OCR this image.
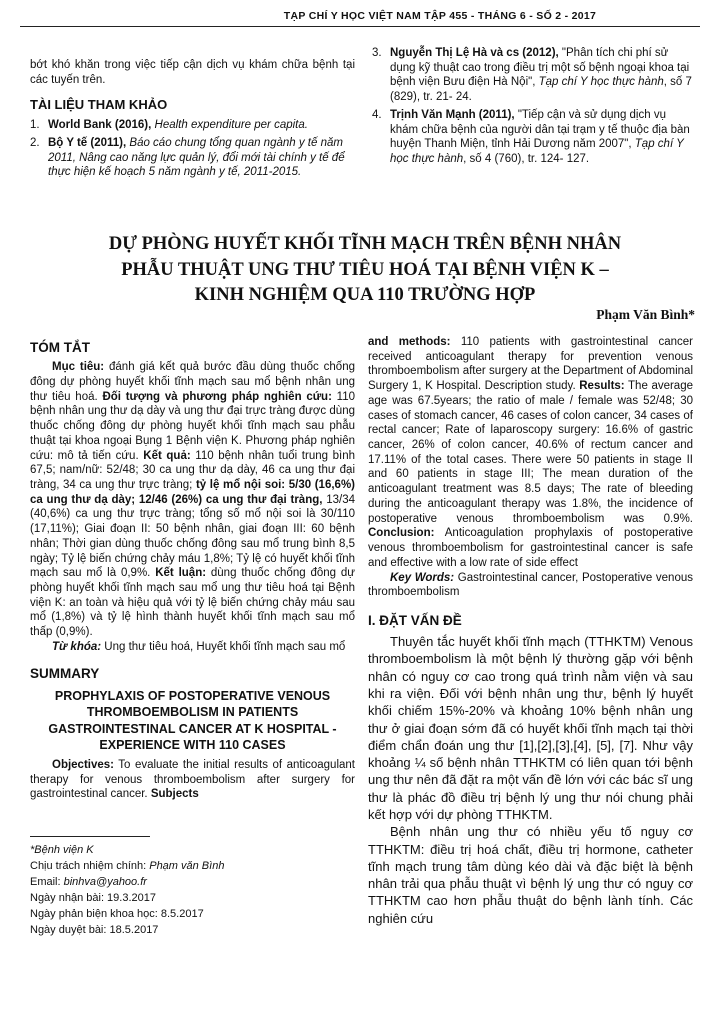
TẠP CHÍ Y HỌC VIỆT NAM TẬP 455 - THÁNG 6 - SỐ 2 - 2017

bớt khó khăn trong việc tiếp cận dịch vụ khám chữa bệnh tại các tuyến trên.

TÀI LIỆU THAM KHẢO
1. World Bank (2016), Health expenditure per capita.
2. Bộ Y tế (2011), Báo cáo chung tổng quan ngành y tế năm 2011, Nâng cao năng lực quản lý, đổi mới tài chính y tế để thực hiện kế hoạch 5 năm ngành y tế, 2011-2015.
3. Nguyễn Thị Lệ Hà và cs (2012), "Phân tích chi phí sử dụng kỹ thuật cao trong điều trị một số bệnh ngoại khoa tại bệnh viện Bưu điện Hà Nội", Tạp chí Y học thực hành, số 7 (829), tr. 21- 24.
4. Trịnh Văn Mạnh (2011), "Tiếp cận và sử dụng dịch vụ khám chữa bệnh của người dân tại trạm y tế thuộc địa bàn huyện Thanh Miện, tỉnh Hải Dương năm 2007", Tạp chí Y học thực hành, số 4 (760), tr. 124- 127.
DỰ PHÒNG HUYẾT KHỐI TĨNH MẠCH TRÊN BỆNH NHÂN
PHẪU THUẬT UNG THƯ TIÊU HOÁ TẠI BỆNH VIỆN K –
KINH NGHIỆM QUA 110 TRƯỜNG HỢP
Phạm Văn Bình*
TÓM TẮT

Mục tiêu: đánh giá kết quả bước đầu dùng thuốc chống đông dự phòng huyết khối tĩnh mạch sau mổ bệnh nhân ung thư tiêu hoá. Đối tượng và phương pháp nghiên cứu: 110 bệnh nhân ung thư dạ dày và ung thư đại trực tràng được dùng thuốc chống đông dự phòng huyết khối tĩnh mạch sau phẫu thuật tại khoa ngoại Bụng 1 Bệnh viện K. Phương pháp nghiên cứu: mô tả tiến cứu. Kết quả: 110 bệnh nhân tuổi trung bình 67,5; nam/nữ: 52/48; 30 ca ung thư dạ dày, 46 ca ung thư đại tràng, 34 ca ung thư trực tràng; tỷ lệ mổ nội soi: 5/30 (16,6%) ca ung thư dạ dày; 12/46 (26%) ca ung thư đại tràng, 13/34 (40,6%) ca ung thư trực tràng; tổng số mổ nội soi là 30/110 (17,11%); Giai đoạn II: 50 bệnh nhân, giai đoạn III: 60 bệnh nhân; Thời gian dùng thuốc chống đông sau mổ trung bình 8,5 ngày; Tỷ lệ biến chứng chảy máu 1,8%; Tỷ lệ có huyết khối tĩnh mạch sau mổ là 0,9%. Kết luận: dùng thuốc chống đông dự phòng huyết khối tĩnh mạch sau mổ ung thư tiêu hoá tại Bệnh viện K: an toàn và hiệu quả với tỷ lệ biến chứng chảy máu sau mổ (1,8%) và tỷ lệ hình thành huyết khối tĩnh mạch sau mổ thấp (0,9%).

Từ khóa: Ung thư tiêu hoá, Huyết khối tĩnh mạch sau mổ

SUMMARY
PROPHYLAXIS OF POSTOPERATIVE VENOUS THROMBOEMBOLISM IN PATIENTS GASTROINTESTINAL CANCER AT K HOSPITAL - EXPERIENCE WITH 110 CASES

Objectives: To evaluate the initial results of anticoagulant therapy for venous thromboembolism after surgery for gastrointestinal cancer. Subjects

*Bệnh viện K

Chịu trách nhiệm chính: Phạm văn Bình

Email: binhva@yahoo.fr

Ngày nhận bài: 19.3.2017

Ngày phản biện khoa học: 8.5.2017

Ngày duyệt bài: 18.5.2017

and methods: 110 patients with gastrointestinal cancer received anticoagulant therapy for prevention venous thromboembolism after surgery at the Department of Abdominal Surgery 1, K Hospital. Description study. Results: The average age was 67.5years; the ratio of male / female was 52/48; 30 cases of stomach cancer, 46 cases of colon cancer, 34 cases of rectal cancer; Rate of laparoscopy surgery: 16.6% of gastric cancer, 26% of colon cancer, 40.6% of rectum cancer and 17.11% of the total cases. There were 50 patients in stage II and 60 patients in stage III; The mean duration of the anticoagulant treatment was 8.5 days; The rate of bleeding during the anticoagulant therapy was 1.8%, the incidence of postoperative venous thromboembolism was 0.9%. Conclusion: Anticoagulation prophylaxis of postoperative venous thromboembolism for gastrointestinal cancer is safe and effective with a low rate of side effect

Key Words: Gastrointestinal cancer, Postoperative venous thromboembolism

I. ĐẶT VẤN ĐỀ

Thuyên tắc huyết khối tĩnh mạch (TTHKTM) Venous thromboembolism là một bệnh lý thường gặp với bệnh nhân có nguy cơ cao trong quá trình nằm viện và sau khi ra viện. Đối với bệnh nhân ung thư, bệnh lý huyết khối chiếm 15%-20% và khoảng 10% bệnh nhân ung thư ở giai đoạn sớm đã có huyết khối tĩnh mạch tại thời điểm chẩn đoán ung thư [1],[2],[3],[4], [5], [7]. Như vậy khoảng ¼ số bệnh nhân TTHKTM có liên quan tới bệnh ung thư nên đã đặt ra một vấn đề lớn với các bác sĩ ung thư là phác đồ điều trị bệnh lý ung thư nói chung phải kết hợp với dự phòng TTHKTM.

Bệnh nhân ung thư có nhiều yếu tố nguy cơ TTHKTM: điều trị hoá chất, điều trị hormone, catheter tĩnh mạch trung tâm dùng kéo dài và đặc biệt là bệnh nhân trải qua phẫu thuật vì bệnh lý ung thư có nguy cơ TTHKTM cao hơn phẫu thuật do bệnh lành tính. Các nghiên cứu
